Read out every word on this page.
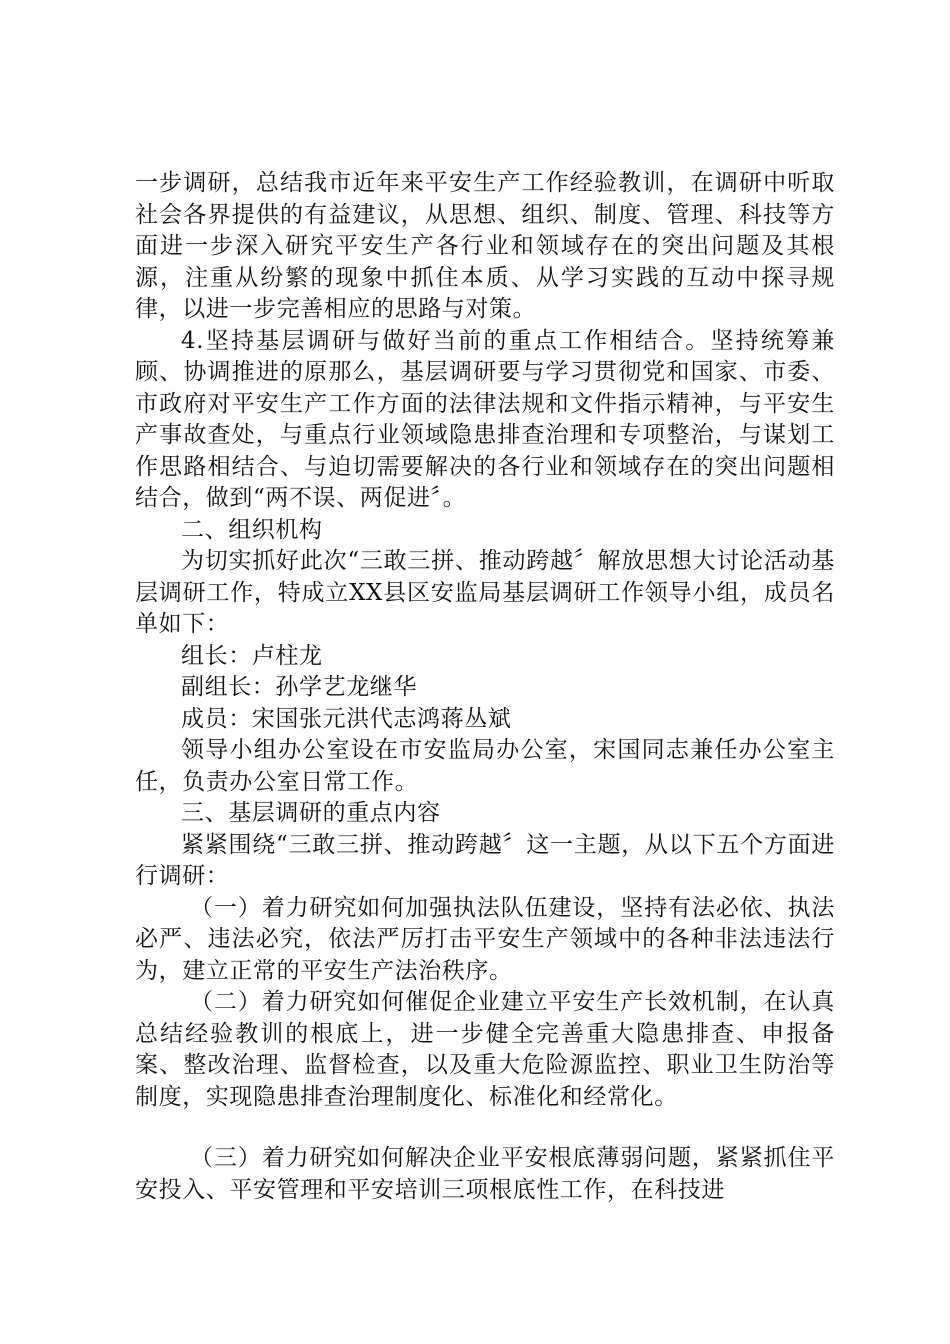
一步调研，总结我市近年来平安生产工作经验教训，在调研中听取社会各界提供的有益建议，从思想、组织、制度、管理、科技等方面进一步深入研究平安生产各行业和领域存在的突出问题及其根源，注重从纷繁的现象中抓住本质、从学习实践的互动中探寻规律，以进一步完善相应的思路与对策。

4.坚持基层调研与做好当前的重点工作相结合。坚持统筹兼顾、协调推进的原那么，基层调研要与学习贯彻党和国家、市委、市政府对平安生产工作方面的法律法规和文件指示精神，与平安生产事故查处，与重点行业领域隐患排查治理和专项整治，与谋划工作思路相结合、与迫切需要解决的各行业和领域存在的突出问题相结合，做到“两不误、两促进〞。

二、组织机构

为切实抓好此次“三敢三拼、推动跨越〞解放思想大讨论活动基层调研工作，特成立XX县区安监局基层调研工作领导小组，成员名单如下：

组长：卢柱龙

副组长：孙学艺龙继华

成员：宋国张元洪代志鸿蒋丛斌

领导小组办公室设在市安监局办公室，宋国同志兼任办公室主任，负责办公室日常工作。

三、基层调研的重点内容

紧紧围绕“三敢三拼、推动跨越〞这一主题，从以下五个方面进行调研：

（一）着力研究如何加强执法队伍建设，坚持有法必依、执法必严、违法必究，依法严厉打击平安生产领域中的各种非法违法行为，建立正常的平安生产法治秩序。

（二）着力研究如何催促企业建立平安生产长效机制，在认真总结经验教训的根底上，进一步健全完善重大隐患排查、申报备案、整改治理、监督检查，以及重大危险源监控、职业卫生防治等制度，实现隐患排查治理制度化、标准化和经常化。

（三）着力研究如何解决企业平安根底薄弱问题，紧紧抓住平安投入、平安管理和平安培训三项根底性工作，在科技进
